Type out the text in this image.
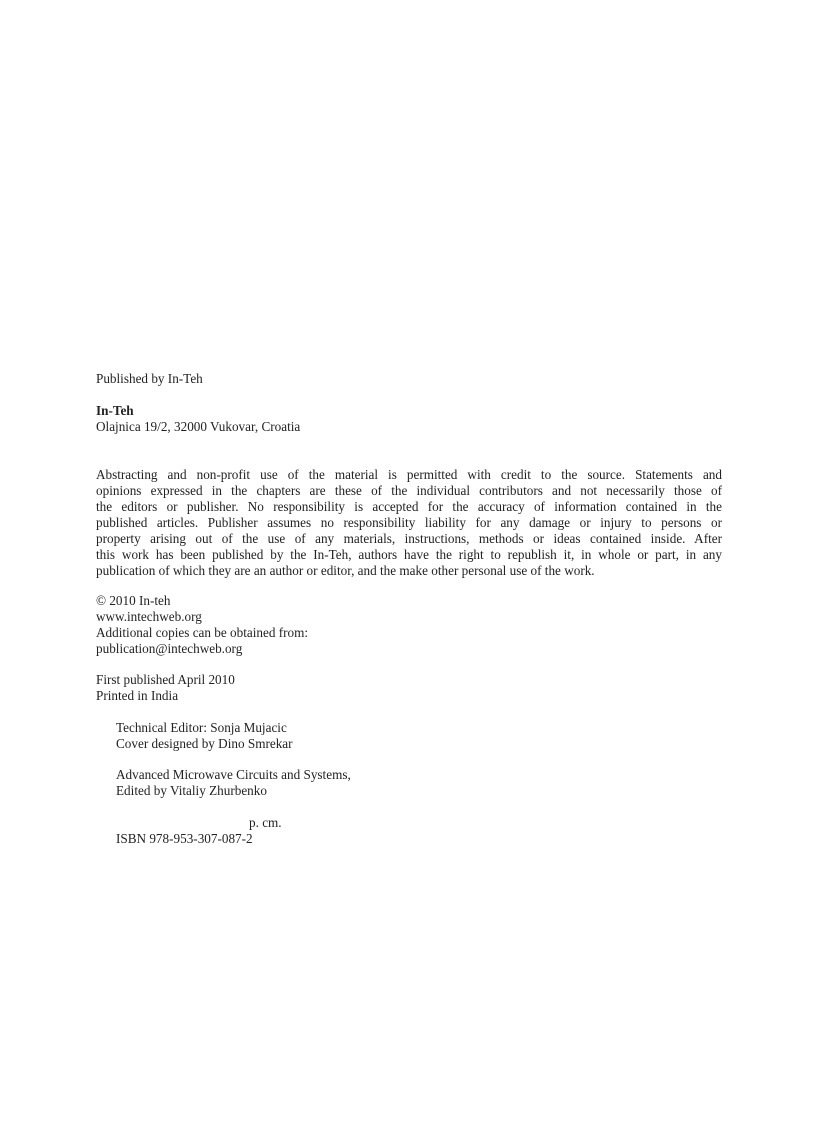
Published by In-Teh
In-Teh
Olajnica 19/2, 32000 Vukovar, Croatia
Abstracting and non-profit use of the material is permitted with credit to the source. Statements and
opinions expressed in the chapters are these of the individual contributors and not necessarily those of
the editors or publisher. No responsibility is accepted for the accuracy of information contained in the
published articles. Publisher assumes no responsibility liability for any damage or injury to persons or
property arising out of the use of any materials, instructions, methods or ideas contained inside. After
this work has been published by the In-Teh, authors have the right to republish it, in whole or part, in any
publication of which they are an author or editor, and the make other personal use of the work.
© 2010 In-teh
www.intechweb.org
Additional copies can be obtained from:
publication@intechweb.org
First published April 2010
Printed in India
Technical Editor: Sonja Mujacic
Cover designed by Dino Smrekar
Advanced Microwave Circuits and Systems,
Edited by Vitaliy Zhurbenko
p. cm.
ISBN 978-953-307-087-2
